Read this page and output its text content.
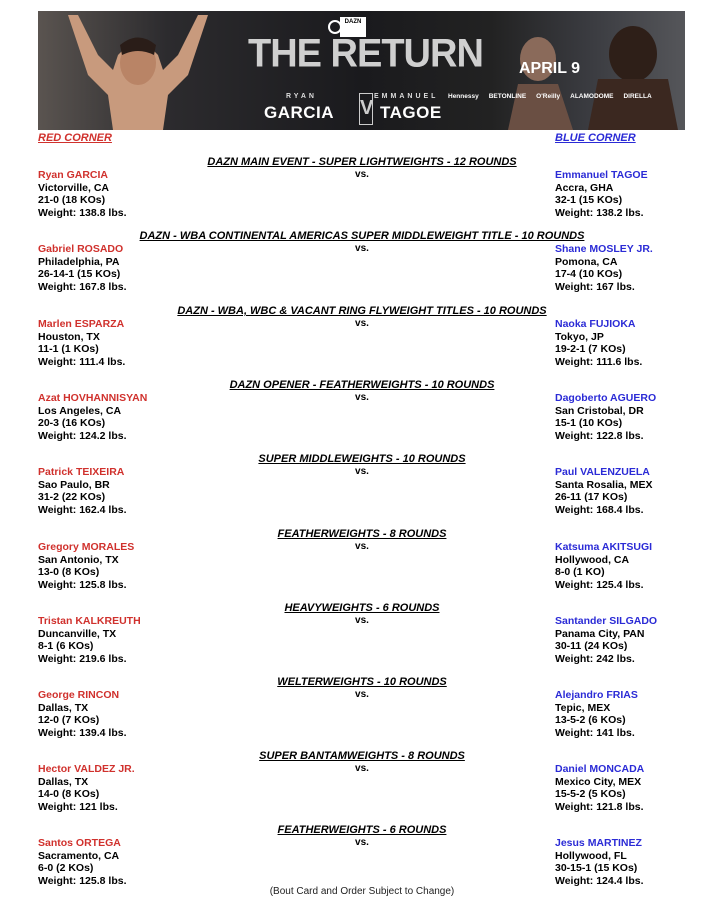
DAZN
THE RETURN
RYAN
GARCIA V
EMMANUEL
TAGOE
APRIL 9
Hennessy BETONLINE O'Reilly ALAMODOME DIRELLA
RED CORNER	BLUE CORNER
DAZN MAIN EVENT - SUPER LIGHTWEIGHTS - 12 ROUNDS
vs.
Ryan GARCIA
Victorville, CA
21-0 (18 KOs)
Weight: 138.8 lbs.
Emmanuel TAGOE
Accra, GHA
32-1 (15 KOs)
Weight: 138.2 lbs.
DAZN - WBA CONTINENTAL AMERICAS SUPER MIDDLEWEIGHT TITLE - 10 ROUNDS
vs.
Gabriel ROSADO
Philadelphia, PA
26-14-1 (15 KOs)
Weight: 167.8 lbs.
Shane MOSLEY JR.
Pomona, CA
17-4 (10 KOs)
Weight: 167 lbs.
DAZN - WBA, WBC & VACANT RING FLYWEIGHT TITLES - 10 ROUNDS
vs.
Marlen ESPARZA
Houston, TX
11-1 (1 KOs)
Weight: 111.4 lbs.
Naoka FUJIOKA
Tokyo, JP
19-2-1 (7 KOs)
Weight: 111.6 lbs.
DAZN OPENER - FEATHERWEIGHTS - 10 ROUNDS
vs.
Azat HOVHANNISYAN
Los Angeles, CA
20-3 (16 KOs)
Weight: 124.2 lbs.
Dagoberto AGUERO
San Cristobal, DR
15-1 (10 KOs)
Weight: 122.8 lbs.
SUPER MIDDLEWEIGHTS - 10 ROUNDS
vs.
Patrick TEIXEIRA
Sao Paulo, BR
31-2 (22 KOs)
Weight: 162.4 lbs.
Paul VALENZUELA
Santa Rosalia, MEX
26-11 (17 KOs)
Weight: 168.4 lbs.
FEATHERWEIGHTS - 8 ROUNDS
vs.
Gregory MORALES
San Antonio, TX
13-0 (8 KOs)
Weight: 125.8 lbs.
Katsuma AKITSUGI
Hollywood, CA
8-0 (1 KO)
Weight: 125.4 lbs.
HEAVYWEIGHTS - 6 ROUNDS
vs.
Tristan KALKREUTH
Duncanville, TX
8-1 (6 KOs)
Weight: 219.6 lbs.
Santander SILGADO
Panama City, PAN
30-11 (24 KOs)
Weight: 242 lbs.
WELTERWEIGHTS - 10 ROUNDS
vs.
George RINCON
Dallas, TX
12-0 (7 KOs)
Weight: 139.4 lbs.
Alejandro FRIAS
Tepic, MEX
13-5-2 (6 KOs)
Weight: 141 lbs.
SUPER BANTAMWEIGHTS - 8 ROUNDS
vs.
Hector VALDEZ JR.
Dallas, TX
14-0 (8 KOs)
Weight: 121 lbs.
Daniel MONCADA
Mexico City, MEX
15-5-2 (5 KOs)
Weight: 121.8 lbs.
FEATHERWEIGHTS - 6 ROUNDS
vs.
Santos ORTEGA
Sacramento, CA
6-0 (2 KOs)
Weight: 125.8 lbs.
Jesus MARTINEZ
Hollywood, FL
30-15-1 (15 KOs)
Weight: 124.4 lbs.
(Bout Card and Order Subject to Change)
